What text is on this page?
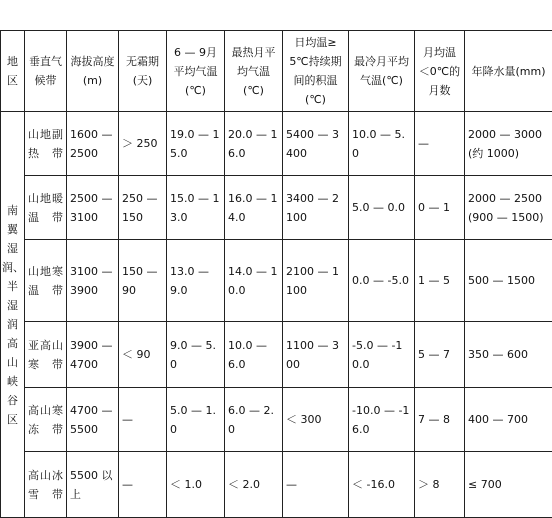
地区	垂直气候带	海拔高度(m)	无霜期(天)	6 — 9月平均气温(℃)	最热月平均气温(℃)	日均温≥ 5℃持续期间的积温(℃)	最冷月平均气温(℃)	月均温＜0℃的月数	年降水量(mm)
南翼湿润、半湿润高山峡谷区	山地副热带	1600 — 2500	＞ 250	19.0 — 15.0	20.0 — 16.0	5400 — 3400	10.0 — 5.0	—	2000 — 3000 (约 1000)
	山地暖温带	2500 — 3100	250 — 150	15.0 — 13.0	16.0 — 14.0	3400 — 2100	5.0 — 0.0	0 — 1	2000 — 2500 (900 — 1500)
	山地寒温带	3100 — 3900	150 — 90	13.0 — 9.0	14.0 — 10.0	2100 — 1100	0.0 — -5.0	1 — 5	500 — 1500
	亚高山寒带	3900 — 4700	＜ 90	9.0 — 5.0	10.0 — 6.0	1100 — 300	-5.0 — -10.0	5 — 7	350 — 600
	高山寒冻带	4700 — 5500	—	5.0 — 1.0	6.0 — 2.0	＜ 300	-10.0 — -16.0	7 — 8	400 — 700
	高山冰雪带	5500 以上	—	＜ 1.0	＜ 2.0	—	＜ -16.0	＞ 8	≤ 700
